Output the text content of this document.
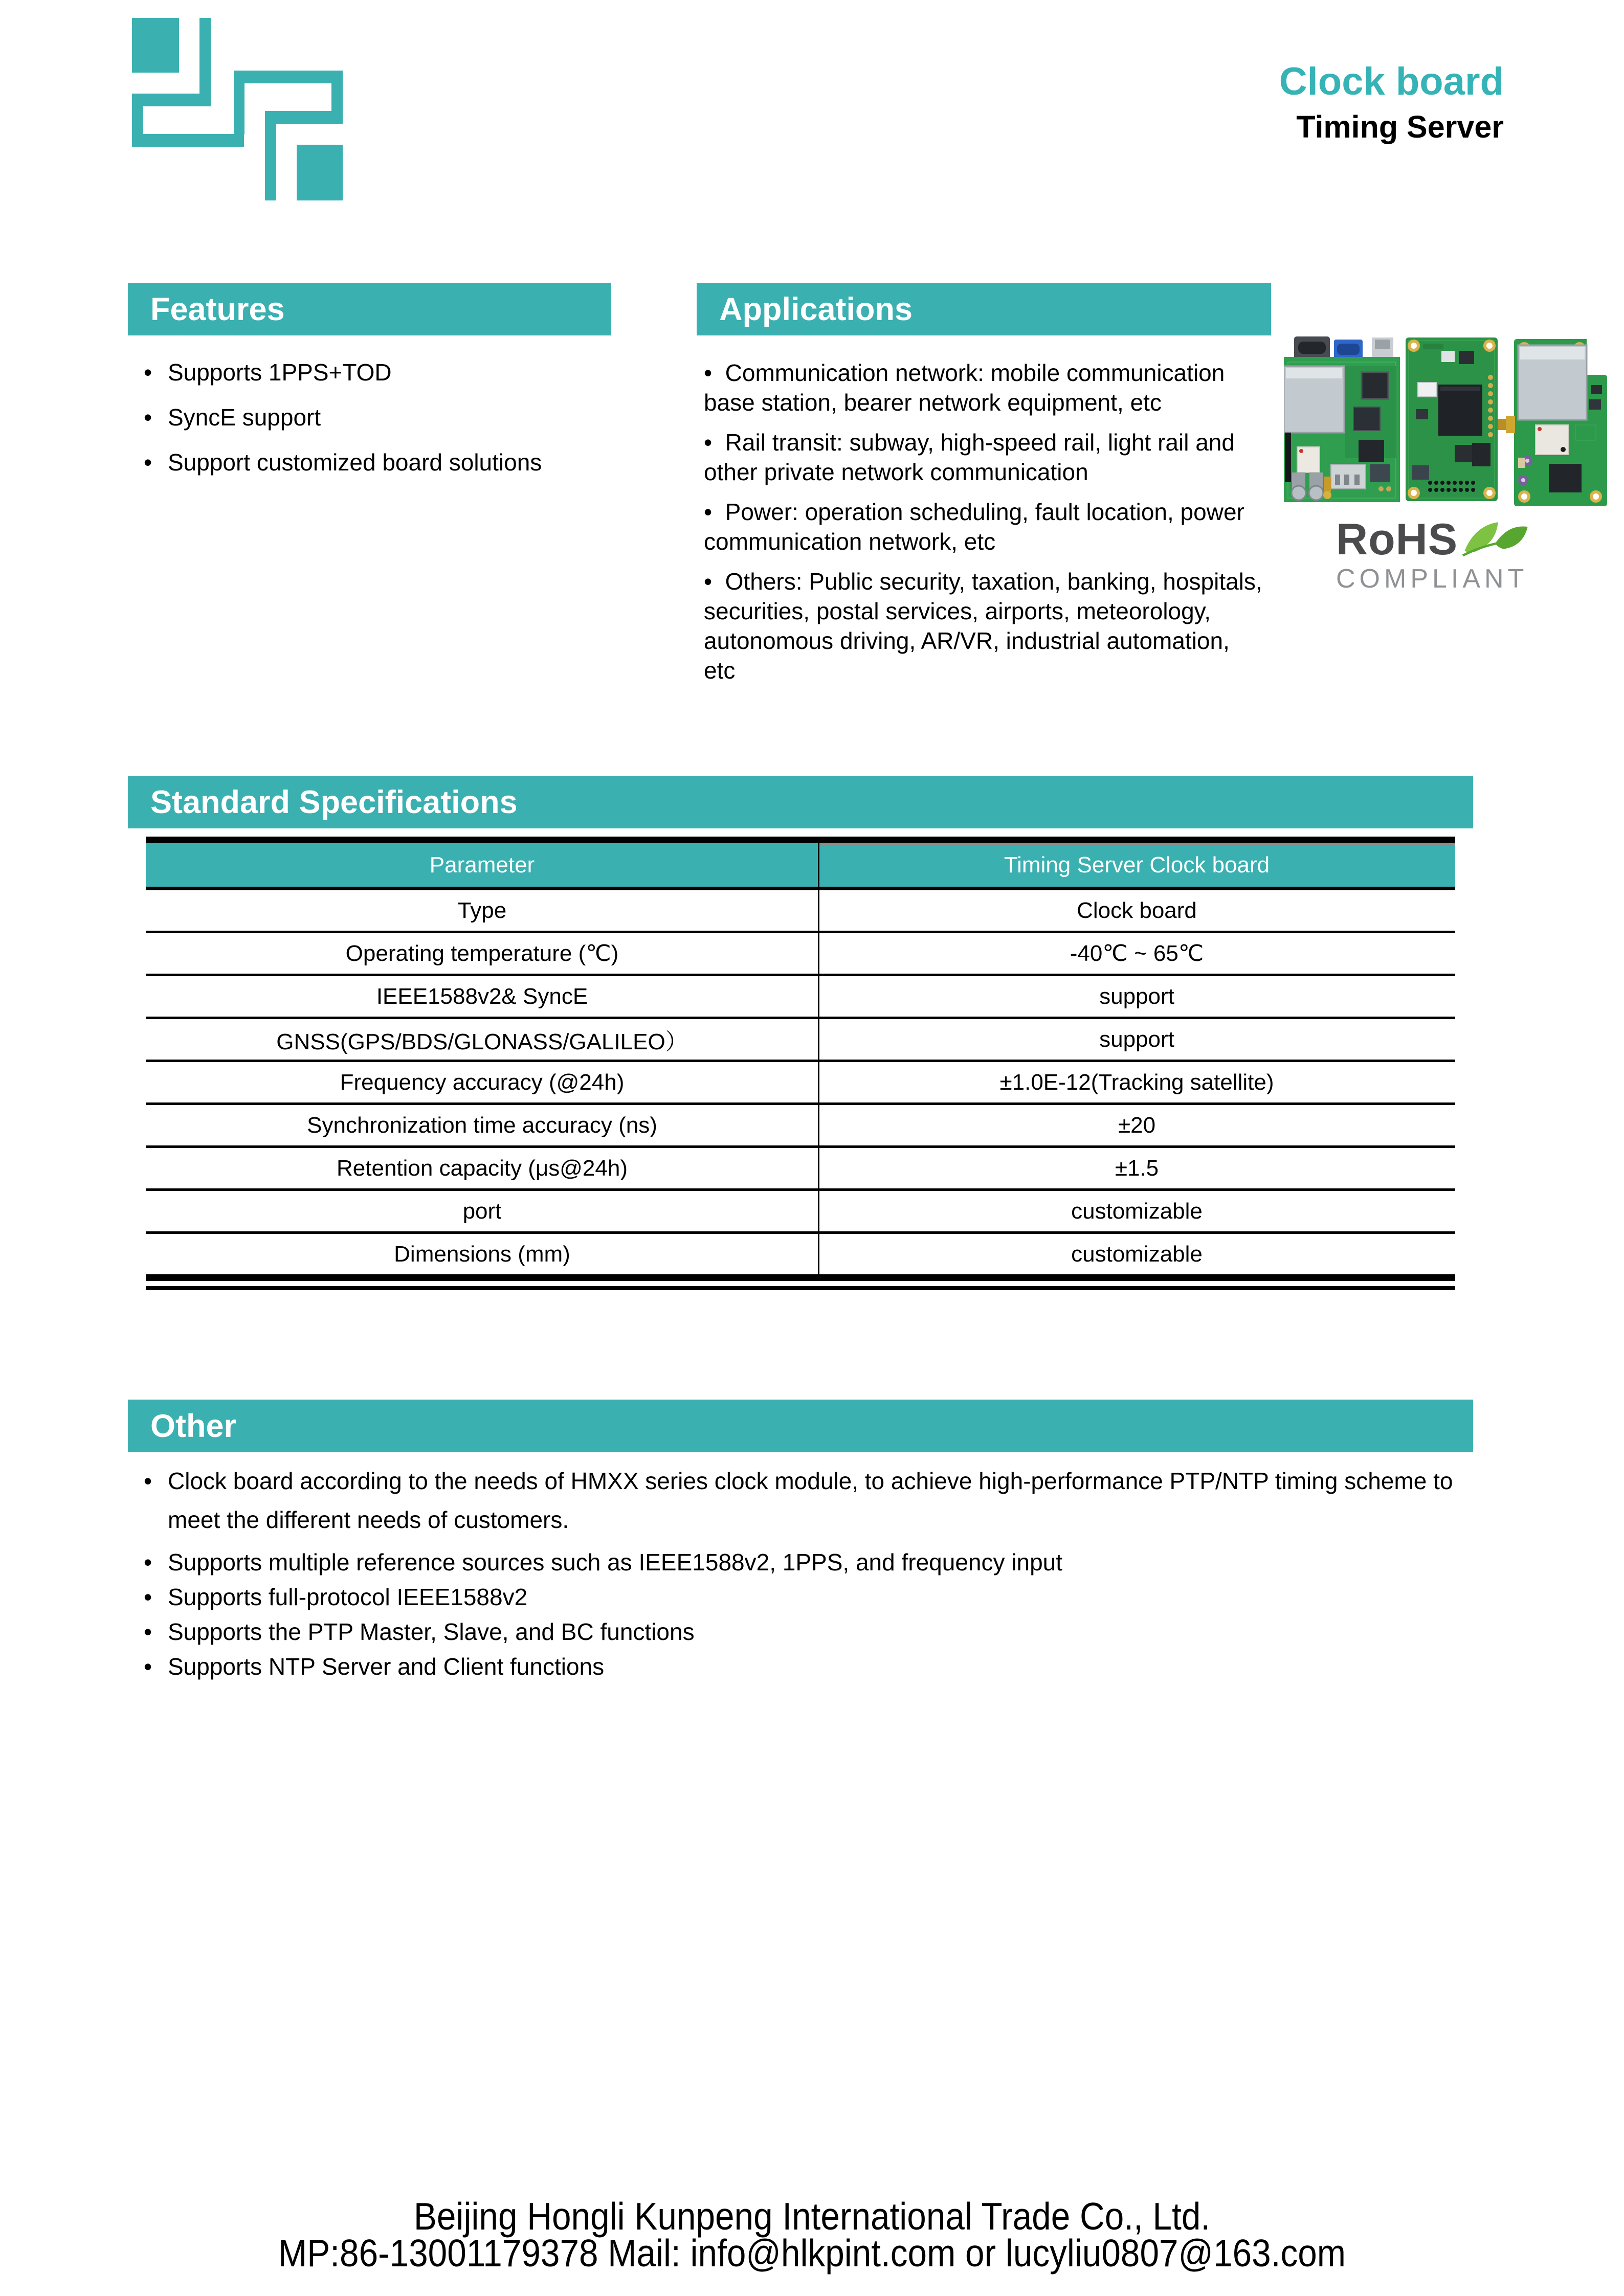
Clock board
Timing Server
Features

• Supports 1PPS+TOD

• SyncE support

• Support customized board solutions

Applications

•  Communication network: mobile communication base station, bearer network equipment, etc

•  Rail transit: subway, high-speed rail, light rail and other private network communication

•  Power: operation scheduling, fault location, power communication network, etc

•  Others: Public security, taxation, banking, hospitals, securities, postal services, airports, meteorology, autonomous driving, AR/VR, industrial automation, etc

RoHS
COMPLIANT
Standard Specifications
Parameter	Timing Server Clock board
Type	Clock board
Operating temperature (℃)	-40℃ ~ 65℃
IEEE1588v2& SyncE	support
GNSS(GPS/BDS/GLONASS/GALILEO）	support
Frequency accuracy (@24h)	±1.0E-12(Tracking satellite)
Synchronization time accuracy (ns)	±20
Retention capacity (μs@24h)	±1.5
port	customizable
Dimensions (mm)	customizable
Other

• Clock board according to the needs of HMXX series clock module, to achieve high-performance PTP/NTP timing scheme to meet the different needs of customers.

• Supports multiple reference sources such as IEEE1588v2, 1PPS, and frequency input

• Supports full-protocol IEEE1588v2

• Supports the PTP Master, Slave, and BC functions

• Supports NTP Server and Client functions

Beijing Hongli Kunpeng International Trade Co., Ltd.
MP:86-13001179378 Mail: info@hlkpint.com or lucyliu0807@163.com
